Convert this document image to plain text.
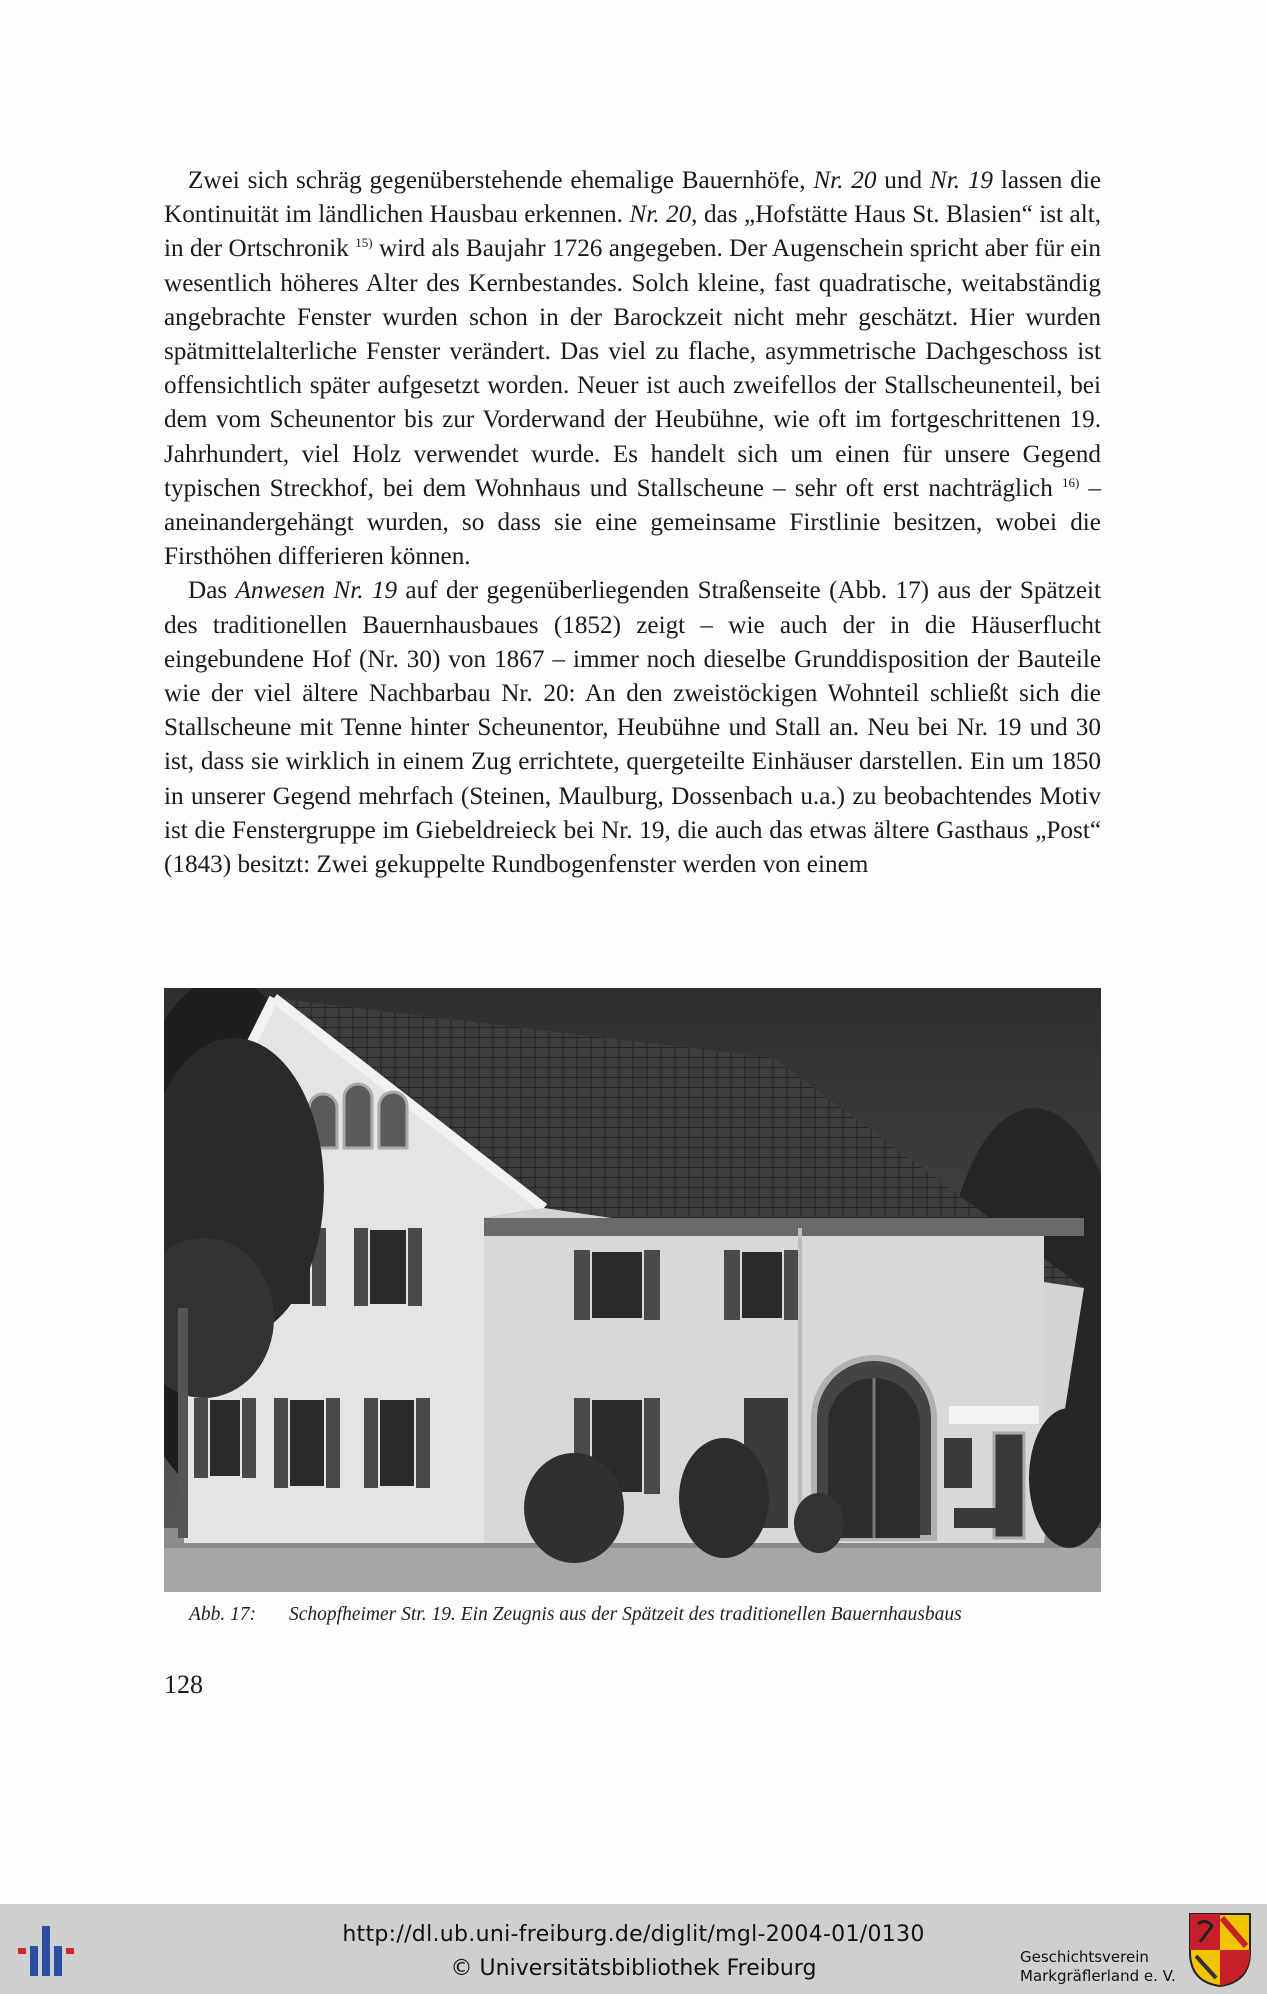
Zwei sich schräg gegenüberstehende ehemalige Bauernhöfe, Nr. 20 und Nr. 19 lassen die Kontinuität im ländlichen Hausbau erkennen. Nr. 20, das „Hofstätte Haus St. Blasien“ ist alt, in der Ortschronik $^{15)}$ wird als Baujahr 1726 angegeben. Der Augenschein spricht aber für ein wesentlich höheres Alter des Kernbestandes. Solch kleine, fast quadratische, weitabständig angebrachte Fenster wurden schon in der Barockzeit nicht mehr geschätzt. Hier wurden spätmittelalterliche Fenster verändert. Das viel zu flache, asymmetrische Dachgeschoss ist offensichtlich später aufgesetzt worden. Neuer ist auch zweifellos der Stallscheunenteil, bei dem vom Scheunentor bis zur Vorderwand der Heubühne, wie oft im fortgeschrittenen 19. Jahrhundert, viel Holz verwendet wurde. Es handelt sich um einen für unsere Gegend typischen Streckhof, bei dem Wohnhaus und Stallscheune – sehr oft erst nachträglich $^{16)}$ – aneinandergehängt wurden, so dass sie eine gemeinsame Firstlinie besitzen, wobei die Firsthöhen differieren können.

Das Anwesen Nr. 19 auf der gegenüberliegenden Straßenseite (Abb. 17) aus der Spätzeit des traditionellen Bauernhausbaues (1852) zeigt – wie auch der in die Häuserflucht eingebundene Hof (Nr. 30) von 1867 – immer noch dieselbe Grunddisposition der Bauteile wie der viel ältere Nachbarbau Nr. 20: An den zweistöckigen Wohnteil schließt sich die Stallscheune mit Tenne hinter Scheunentor, Heubühne und Stall an. Neu bei Nr. 19 und 30 ist, dass sie wirklich in einem Zug errichtete, quergeteilte Einhäuser darstellen. Ein um 1850 in unserer Gegend mehrfach (Steinen, Maulburg, Dossenbach u.a.) zu beobachtendes Motiv ist die Fenstergruppe im Giebeldreieck bei Nr. 19, die auch das etwas ältere Gasthaus „Post“ (1843) besitzt: Zwei gekuppelte Rundbogenfenster werden von einem

Abb. 17: Schopfheimer Str. 19. Ein Zeugnis aus der Spätzeit des traditionellen Bauernhausbaus
128
http://dl.ub.uni-freiburg.de/diglit/mgl-2004-01/0130
© Universitätsbibliothek Freiburg	Geschichtsverein
Markgräflerland e. V.
